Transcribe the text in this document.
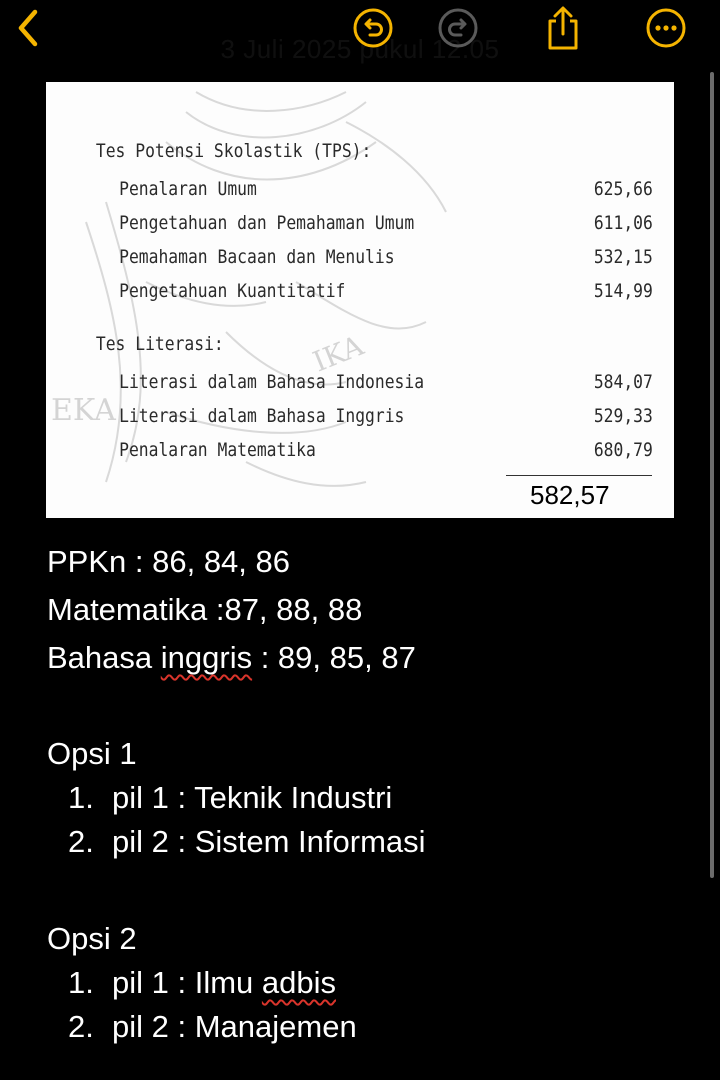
3 Juli 2025 pukul 12.05
EKA
IKA
Tes Potensi Skolastik (TPS):
Penalaran Umum	625,66
Pengetahuan dan Pemahaman Umum	611,06
Pemahaman Bacaan dan Menulis	532,15
Pengetahuan Kuantitatif	514,99
Tes Literasi:
Literasi dalam Bahasa Indonesia	584,07
Literasi dalam Bahasa Inggris	529,33
Penalaran Matematika	680,79
582,57
PPKn : 86, 84, 86
Matematika :87, 88, 88
Bahasa inggris : 89, 85, 87
Opsi 1
1. pil 1 : Teknik Industri
2. pil 2 : Sistem Informasi
Opsi 2
1. pil 1 : Ilmu adbis
2. pil 2 : Manajemen
